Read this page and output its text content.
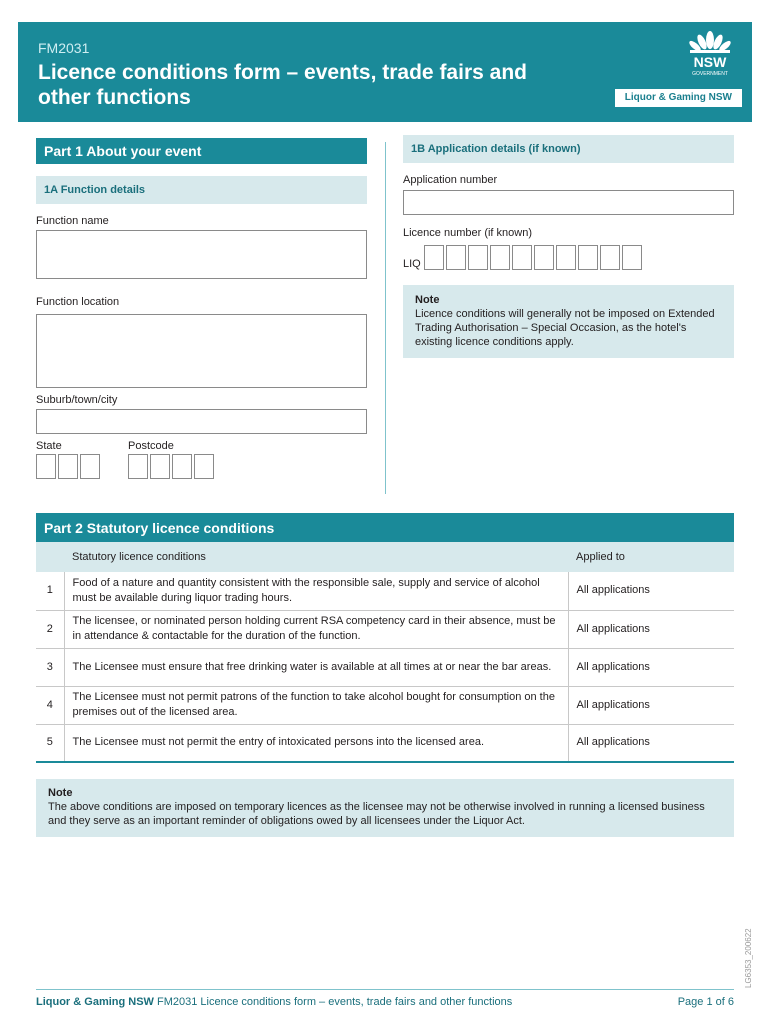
FM2031
Licence conditions form – events, trade fairs and other functions
NSW
GOVERNMENT
Liquor & Gaming NSW
Part 1 About your event
1A Function details
Function name
Function location
Suburb/town/city
State	Postcode
1B Application details (if known)
Application number
Licence number (if known)
LIQ
Note
Licence conditions will generally not be imposed on Extended Trading Authorisation – Special Occasion, as the hotel's existing licence conditions apply.
Part 2 Statutory licence conditions
	Statutory licence conditions	Applied to
1	Food of a nature and quantity consistent with the responsible sale, supply and service of alcohol must be available during liquor trading hours.	All applications
2	The licensee, or nominated person holding current RSA competency card in their absence, must be in attendance & contactable for the duration of the function.	All applications
3	The Licensee must ensure that free drinking water is available at all times at or near the bar areas.	All applications
4	The Licensee must not permit patrons of the function to take alcohol bought for consumption on the premises out of the licensed area.	All applications
5	The Licensee must not permit the entry of intoxicated persons into the licensed area.	All applications
Note
The above conditions are imposed on temporary licences as the licensee may not be otherwise involved in running a licensed business and they serve as an important reminder of obligations owed by all licensees under the Liquor Act.
LG6353_200622
Liquor & Gaming NSW FM2031 Licence conditions form – events, trade fairs and other functions	Page 1 of 6
